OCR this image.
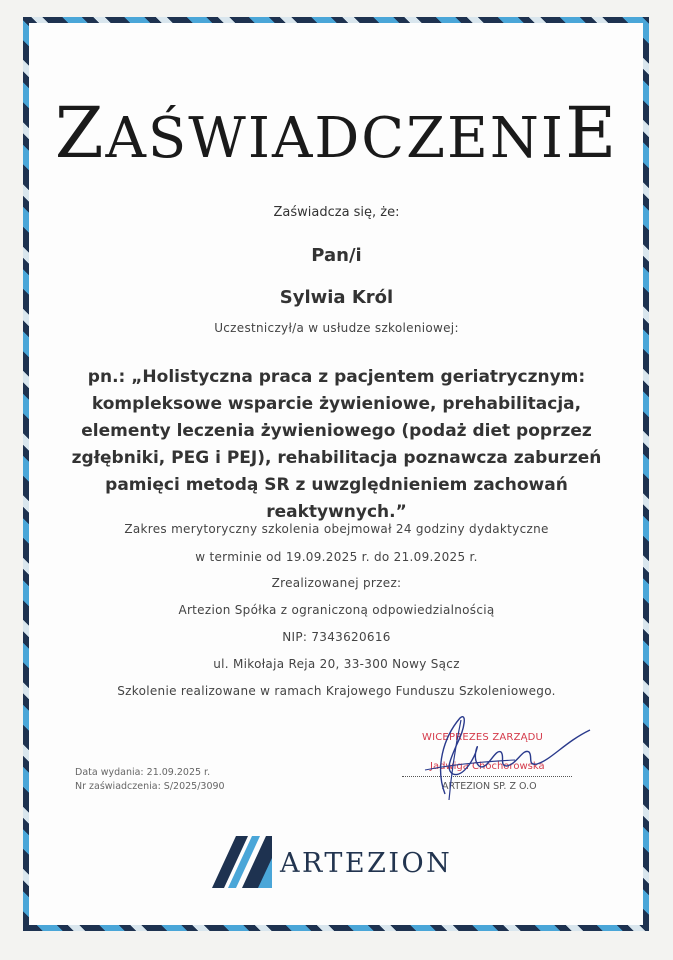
ZAŚWIADCZENIE

Zaświadcza się, że:

Pan/i

Sylwia Król

Uczestniczył/a w usłudze szkoleniowej:

pn.: „Holistyczna praca z pacjentem geriatrycznym: kompleksowe wsparcie żywieniowe, prehabilitacja, elementy leczenia żywieniowego (podaż diet poprzez zgłębniki, PEG i PEJ), rehabilitacja poznawcza zaburzeń pamięci metodą SR z uwzględnieniem zachowań reaktywnych.”

Zakres merytoryczny szkolenia obejmował 24 godziny dydaktyczne

w terminie od 19.09.2025 r. do 21.09.2025 r.

Zrealizowanej przez:

Artezion Spółka z ograniczoną odpowiedzialnością

NIP: 7343620616

ul. Mikołaja Reja 20, 33-300 Nowy Sącz

Szkolenie realizowane w ramach Krajowego Funduszu Szkoleniowego.

Data wydania: 21.09.2025 r.
Nr zaświadczenia: S/2025/3090
WICEPREZES ZARZĄDU
Jadwiga Chochorowska
ARTEZION SP. Z O.O
ARTEZION
